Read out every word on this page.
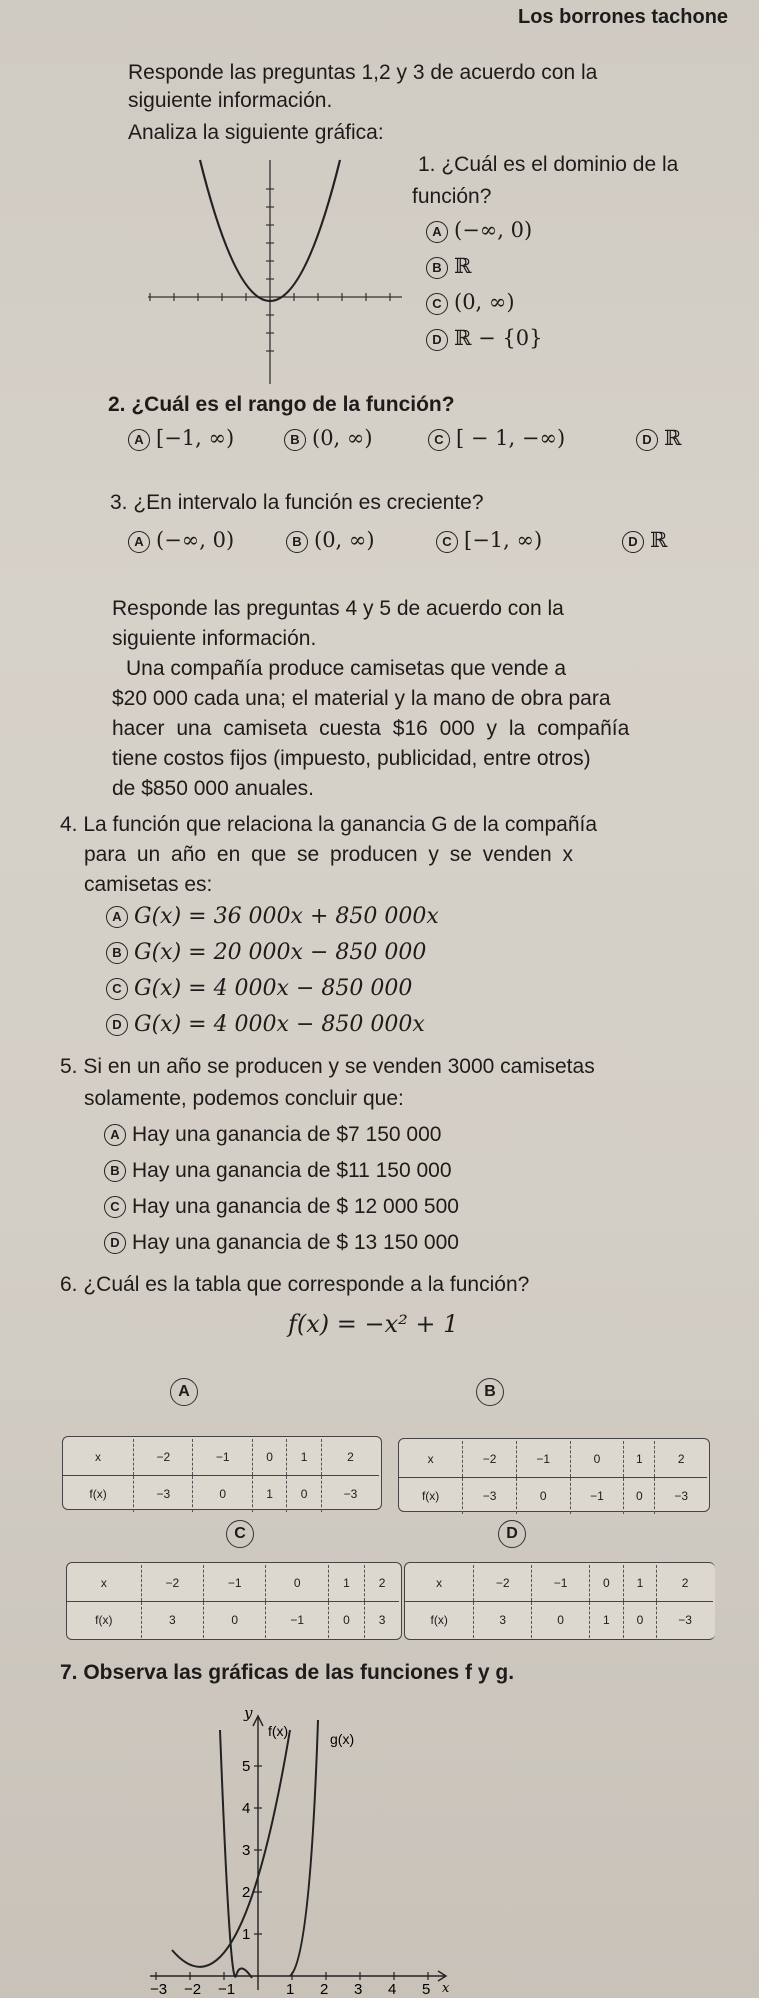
Los borrones tachone
Responde las preguntas 1,2 y 3 de acuerdo con la
siguiente información.
Analiza la siguiente gráfica:
1. ¿Cuál es el dominio de la
función?
A (−∞, 0)
B ℝ
C (0, ∞)
D ℝ − {0}
2. ¿Cuál es el rango de la función?
A [−1, ∞)	B (0, ∞)	C [ − 1, −∞)	D ℝ
3. ¿En intervalo la función es creciente?
A (−∞, 0)	B (0, ∞)	C [−1, ∞)	D ℝ
Responde las preguntas 4 y 5 de acuerdo con la
siguiente información.
Una compañía produce camisetas que vende a
$20 000 cada una; el material y la mano de obra para
hacer una camiseta cuesta $16 000 y la compañía
tiene costos fijos (impuesto, publicidad, entre otros)
de $850 000 anuales.
4. La función que relaciona la ganancia G de la compañía
para un año en que se producen y se venden x
camisetas es:
A G(x) = 36 000x + 850 000x
B G(x) = 20 000x − 850 000
C G(x) = 4 000x − 850 000
D G(x) = 4 000x − 850 000x
5. Si en un año se producen y se venden 3000 camisetas
solamente, podemos concluir que:
A Hay una ganancia de $7 150 000
B Hay una ganancia de $11 150 000
C Hay una ganancia de $ 12 000 500
D Hay una ganancia de $ 13 150 000
6. ¿Cuál es la tabla que corresponde a la función?
f(x) = −x² + 1
A	B
C	D
x	−2	−1	0	1	2
f(x)	−3	0	1	0	−3
x	−2	−1	0	1	2
f(x)	−3	0	−1	0	−3
x	−2	−1	0	1	2
f(x)	3	0	−1	0	3
x	−2	−1	0	1	2
f(x)	3	0	1	0	−3
7. Observa las gráficas de las funciones f y g.
y
x
f(x)	g(x)
1
2
3
4
5
−3 −2 −1	1 2 3 4 5
